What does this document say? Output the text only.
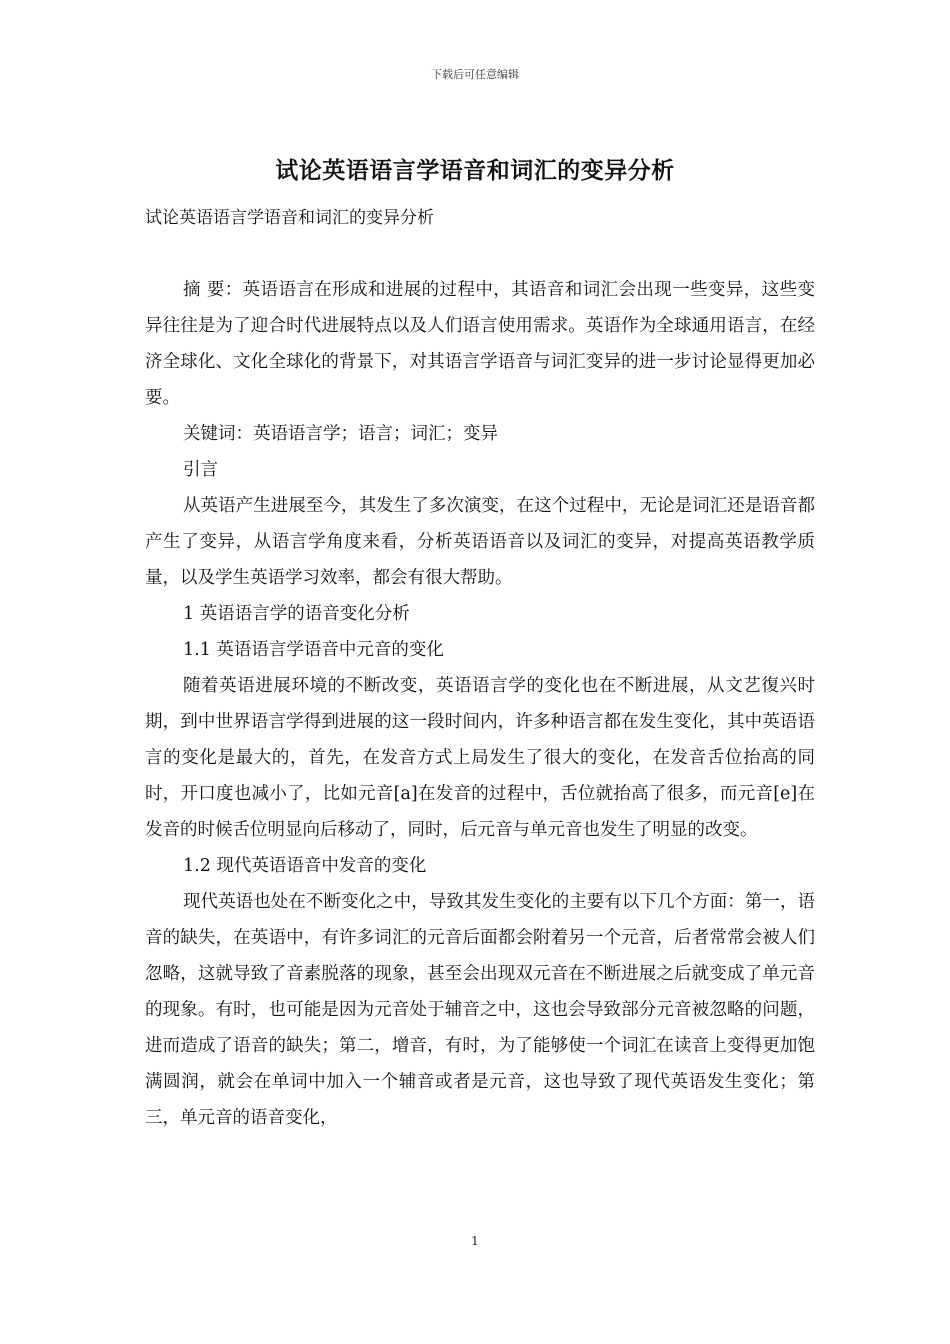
下载后可任意编辑
试论英语语言学语音和词汇的变异分析
试论英语语言学语音和词汇的变异分析

摘 要：英语语言在形成和进展的过程中，其语音和词汇会出现一些变异，这些变异往往是为了迎合时代进展特点以及人们语言使用需求。英语作为全球通用语言，在经济全球化、文化全球化的背景下，对其语言学语音与词汇变异的进一步讨论显得更加必要。

关键词：英语语言学；语言；词汇；变异

引言

从英语产生进展至今，其发生了多次演变，在这个过程中，无论是词汇还是语音都产生了变异，从语言学角度来看，分析英语语音以及词汇的变异，对提高英语教学质量，以及学生英语学习效率，都会有很大帮助。

1 英语语言学的语音变化分析

1.1 英语语言学语音中元音的变化

随着英语进展环境的不断改变，英语语言学的变化也在不断进展，从文艺復兴时期，到中世界语言学得到进展的这一段时间内，许多种语言都在发生变化，其中英语语言的变化是最大的，首先，在发音方式上局发生了很大的变化，在发音舌位抬高的同时，开口度也减小了，比如元音[a]在发音的过程中，舌位就抬高了很多，而元音[e]在发音的时候舌位明显向后移动了，同时，后元音与单元音也发生了明显的改变。

1.2 现代英语语音中发音的变化

现代英语也处在不断变化之中，导致其发生变化的主要有以下几个方面：第一，语音的缺失，在英语中，有许多词汇的元音后面都会附着另一个元音，后者常常会被人们忽略，这就导致了音素脱落的现象，甚至会出现双元音在不断进展之后就变成了单元音的现象。有时，也可能是因为元音处于辅音之中，这也会导致部分元音被忽略的问题，进而造成了语音的缺失；第二，增音，有时，为了能够使一个词汇在读音上变得更加饱满圆润，就会在单词中加入一个辅音或者是元音，这也导致了现代英语发生变化；第三，单元音的语音变化，

1
